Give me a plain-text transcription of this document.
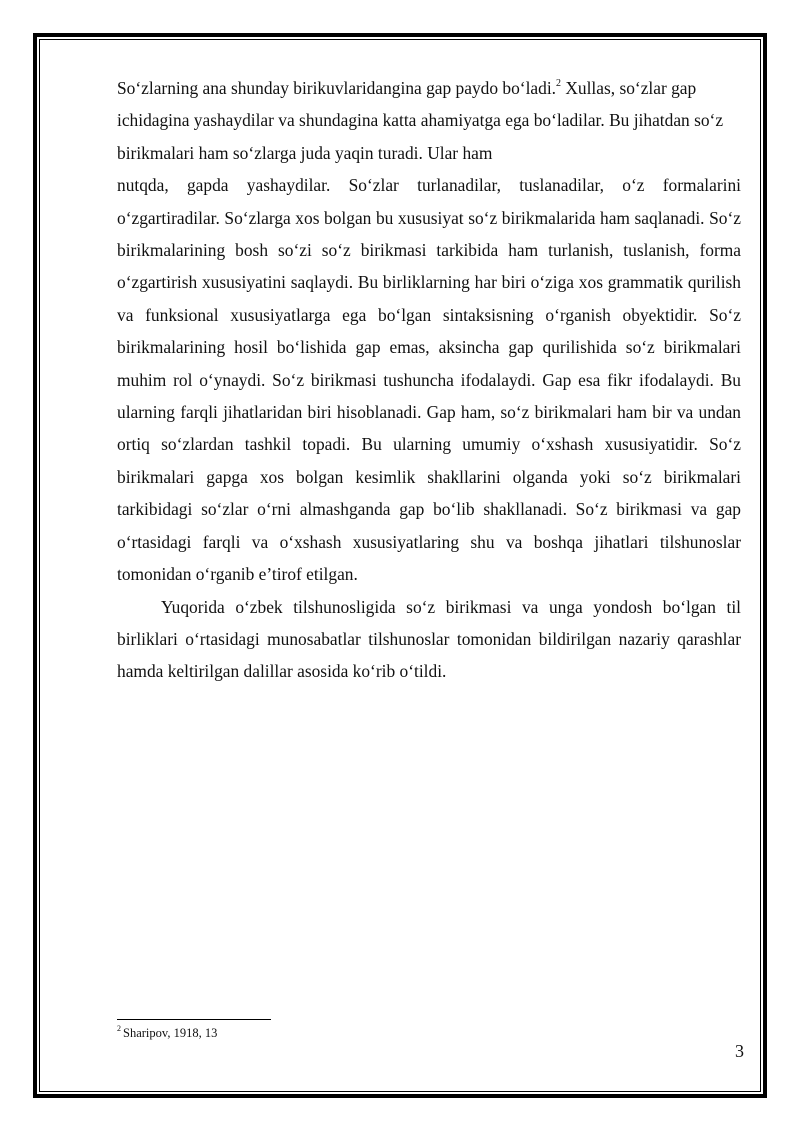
So‘zlarning ana shunday birikuvlaridangina gap paydo bo‘ladi.$^2$ Xullas, so‘zlar gap ichidagina yashaydilar va shundagina katta ahamiyatga ega bo‘ladilar. Bu jihatdan so‘z birikmalari ham so‘zlarga juda yaqin turadi. Ular ham

nutqda, gapda yashaydilar. So‘zlar turlanadilar, tuslanadilar, o‘z formalarini o‘zgartiradilar. So‘zlarga xos bolgan bu xususiyat so‘z birikmalarida ham saqlanadi. So‘z birikmalarining bosh so‘zi so‘z birikmasi tarkibida ham turlanish, tuslanish, forma o‘zgartirish xususiyatini saqlaydi. Bu birliklarning har biri o‘ziga xos grammatik qurilish va funksional xususiyatlarga ega bo‘lgan sintaksisning o‘rganish obyektidir. So‘z birikmalarining hosil bo‘lishida gap emas, aksincha gap qurilishida so‘z birikmalari muhim rol o‘ynaydi. So‘z birikmasi tushuncha ifodalaydi. Gap esa fikr ifodalaydi. Bu ularning farqli jihatlaridan biri hisoblanadi. Gap ham, so‘z birikmalari ham bir va undan ortiq so‘zlardan tashkil topadi. Bu ularning umumiy o‘xshash xususiyatidir. So‘z birikmalari gapga xos bolgan kesimlik shakllarini olganda yoki so‘z birikmalari tarkibidagi so‘zlar o‘rni almashganda gap bo‘lib shakllanadi. So‘z birikmasi va gap o‘rtasidagi farqli va o‘xshash xususiyatlaring shu va boshqa jihatlari tilshunoslar tomonidan o‘rganib e’tirof etilgan.

Yuqorida o‘zbek tilshunosligida so‘z birikmasi va unga yondosh bo‘lgan til birliklari o‘rtasidagi munosabatlar tilshunoslar tomonidan bildirilgan nazariy qarashlar hamda keltirilgan dalillar asosida ko‘rib o‘tildi.

$^2$ Sharipov, 1918, 13
3
